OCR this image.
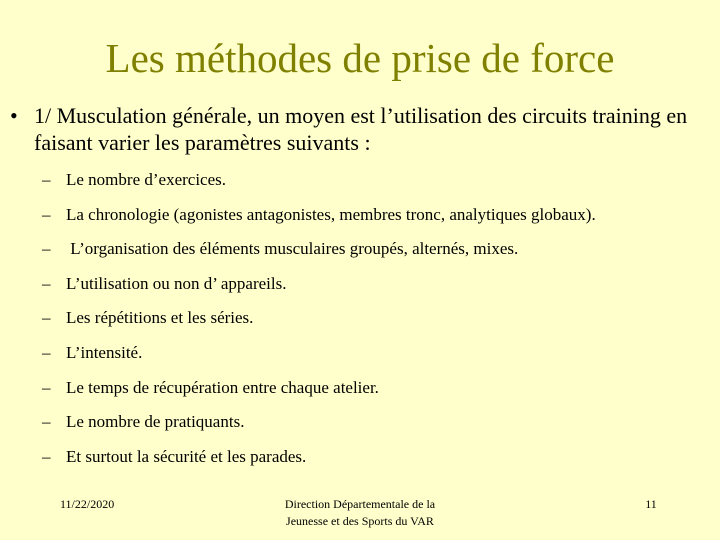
Les méthodes de prise de force
• 1/ Musculation générale, un moyen est l’utilisation des circuits training en faisant varier les paramètres suivants :
– Le nombre d’exercices.
– La chronologie (agonistes antagonistes, membres tronc, analytiques globaux).
– L’organisation des éléments musculaires groupés, alternés, mixes.
– L’utilisation ou non d’ appareils.
– Les répétitions et les séries.
– L’intensité.
– Le temps de récupération entre chaque atelier.
– Le nombre de pratiquants.
– Et surtout la sécurité et les parades.
11/22/2020	Direction Départementale de la
Jeunesse et des Sports du VAR
11
